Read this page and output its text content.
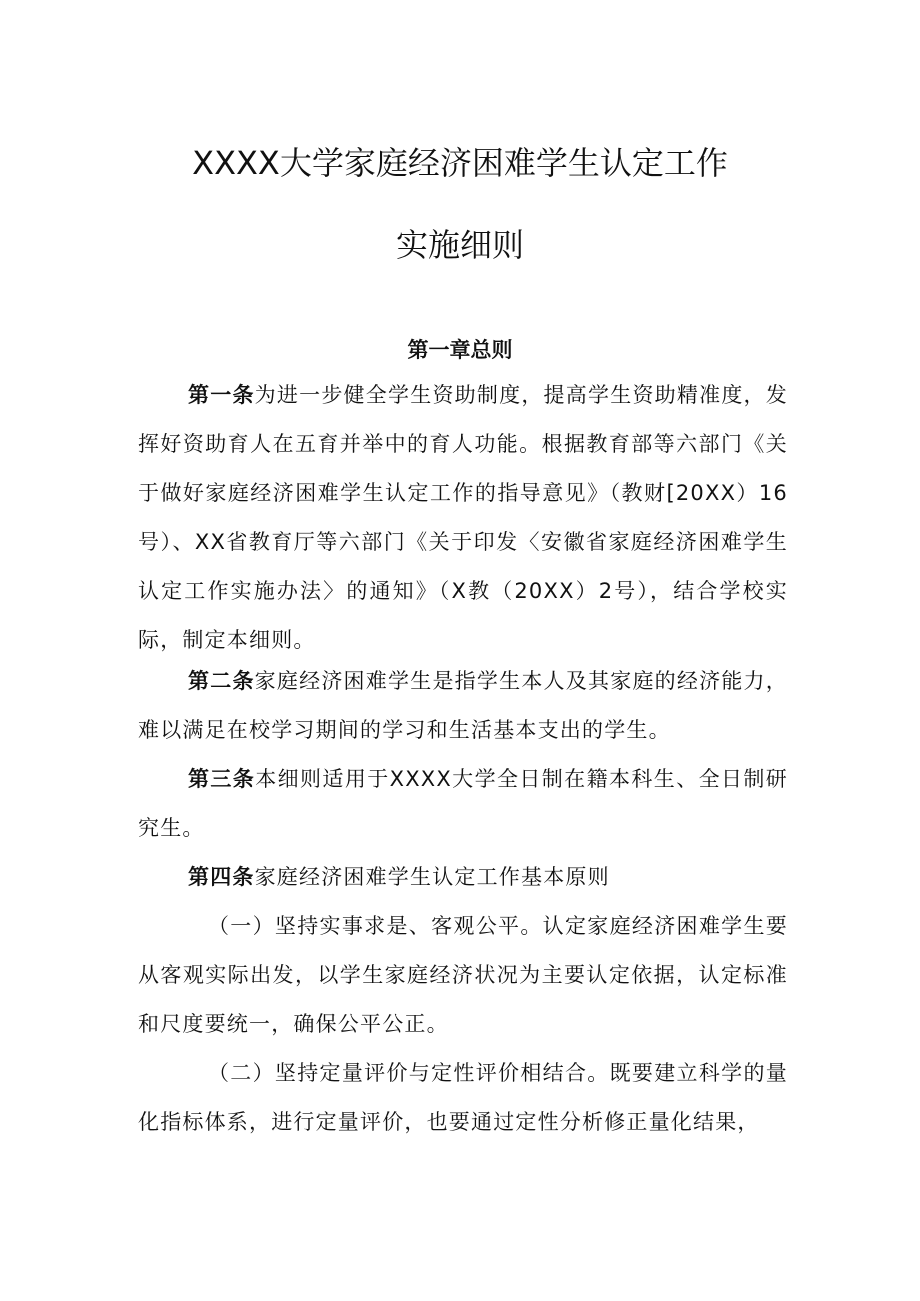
XXXX大学家庭经济困难学生认定工作
实施细则
第一章总则

第一条为进一步健全学生资助制度，提高学生资助精准度，发挥好资助育人在五育并举中的育人功能。根据教育部等六部门《关于做好家庭经济困难学生认定工作的指导意见》（教财[20XX）16号）、XX省教育厅等六部门《关于印发〈安徽省家庭经济困难学生认定工作实施办法〉的通知》（X教（20XX）2号），结合学校实际，制定本细则。

第二条家庭经济困难学生是指学生本人及其家庭的经济能力，难以满足在校学习期间的学习和生活基本支出的学生。

第三条本细则适用于XXXX大学全日制在籍本科生、全日制研究生。

第四条家庭经济困难学生认定工作基本原则

（一）坚持实事求是、客观公平。认定家庭经济困难学生要从客观实际出发，以学生家庭经济状况为主要认定依据，认定标准和尺度要统一，确保公平公正。

（二）坚持定量评价与定性评价相结合。既要建立科学的量化指标体系，进行定量评价，也要通过定性分析修正量化结果，
